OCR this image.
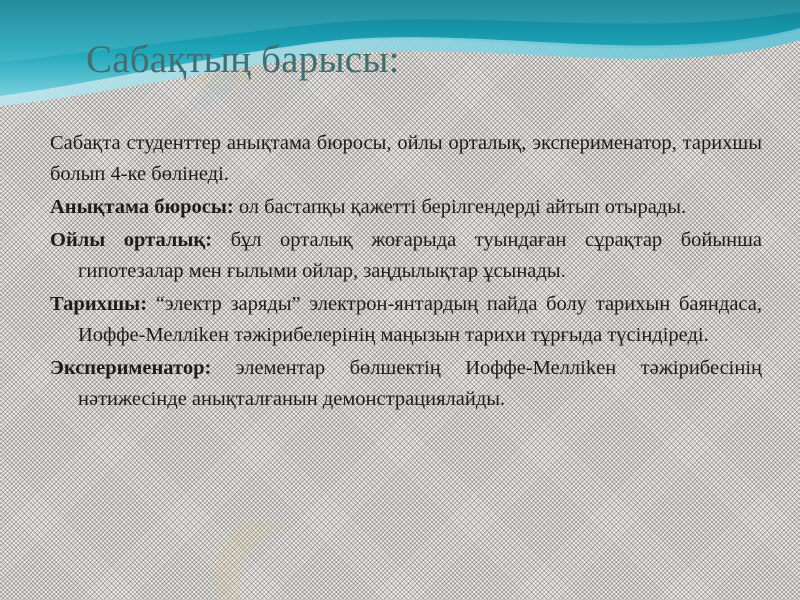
Сабақтың барысы:

Сабақта студенттер анықтама бюросы, ойлы орталық, эксперименатор, тарихшы болып 4-ке бөлінеді.

Анықтама бюросы: ол бастапқы қажетті берілгендерді айтып отырады.

Ойлы орталық: бұл орталық жоғарыда туындаған сұрақтар бойынша гипотезалар мен ғылыми ойлар, заңдылықтар ұсынады.

Тарихшы: “электр заряды” электрон-янтардың пайда болу тарихын баяндаса, Иоффе-Меллikен тәжірибелерінің маңызын тарихи тұрғыда түсіндіреді.

Эксперименатор: элементар бөлшектің Иоффе-Меллikен тәжірибесінің нәтижесінде анықталғанын демонстрациялайды.
